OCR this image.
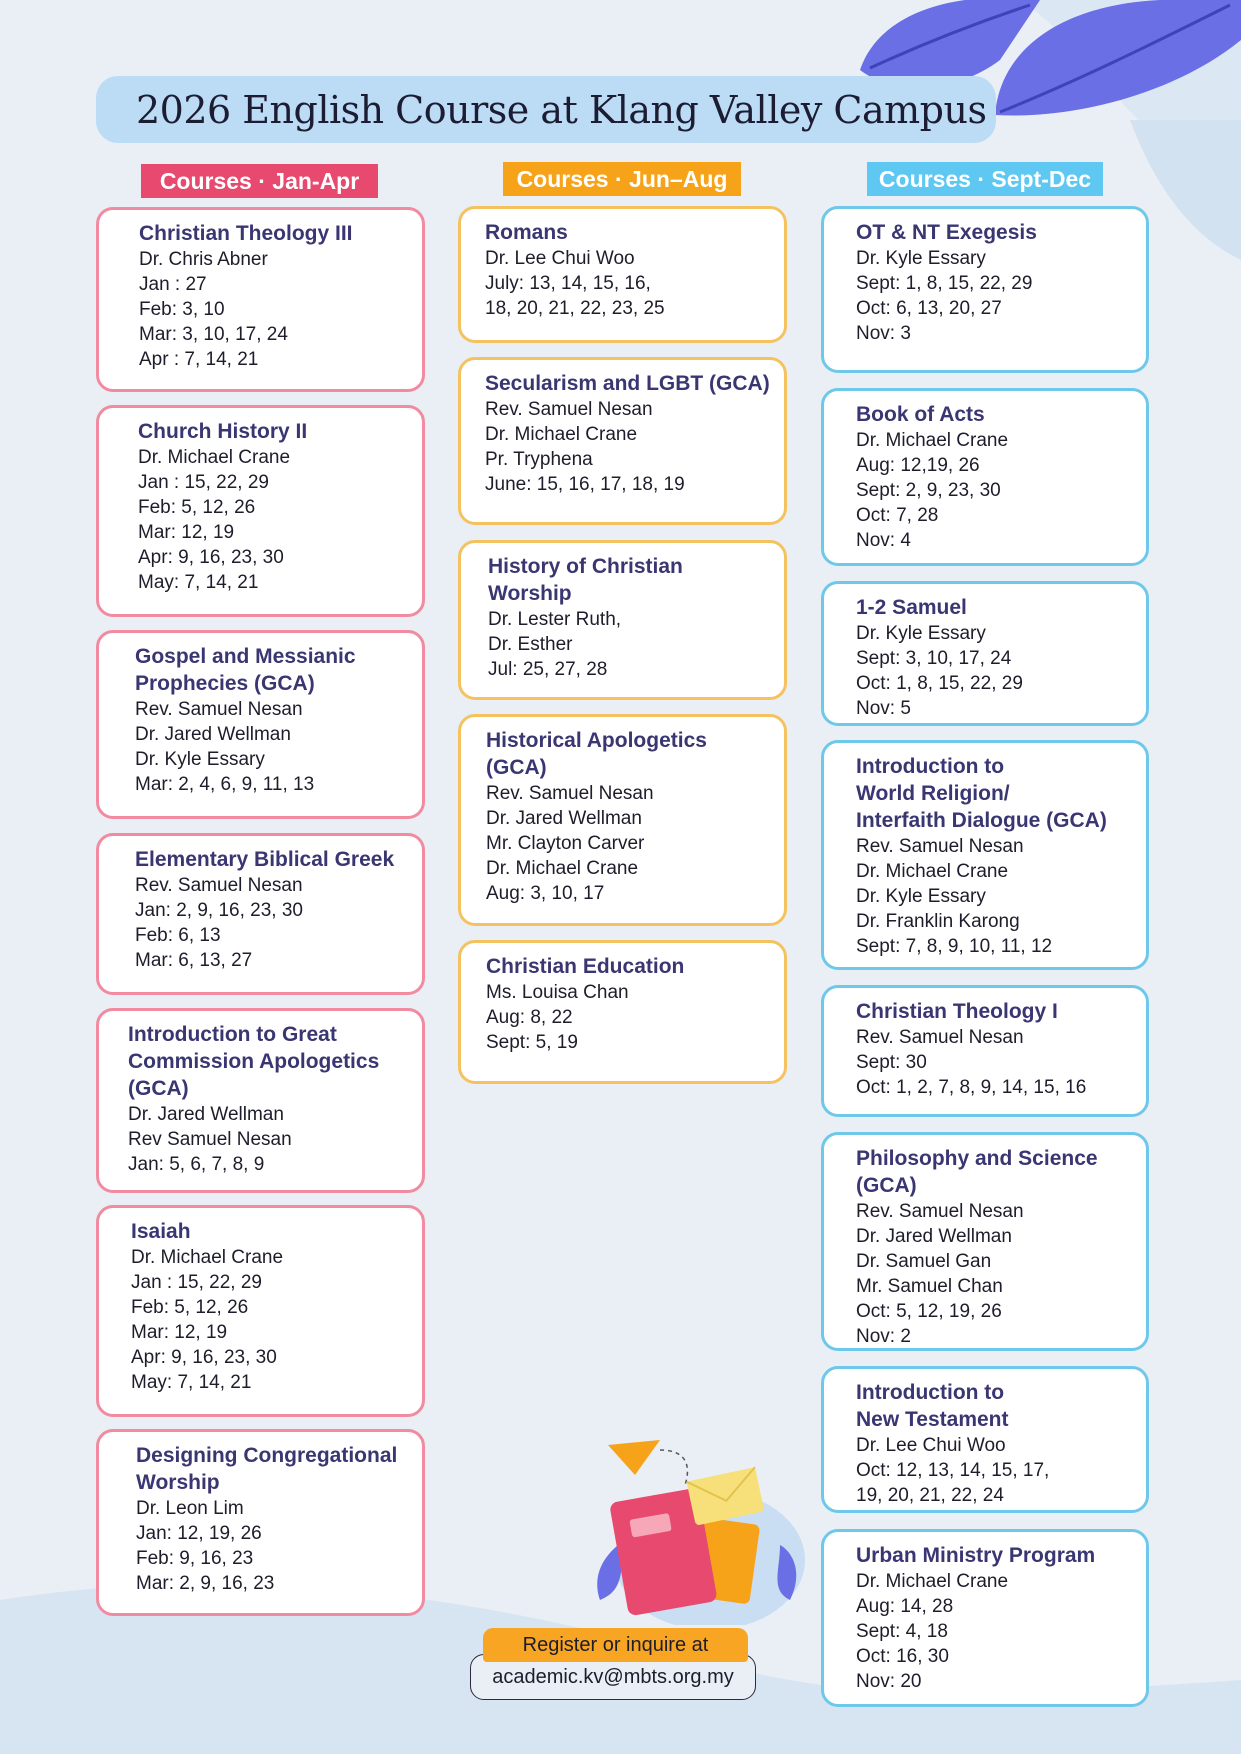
2026 English Course at Klang Valley Campus
Courses · Jan-Apr	Courses · Jun–Aug	Courses · Sept-Dec
Christian Theology III
Dr. Chris Abner
Jan : 27
Feb: 3, 10
Mar: 3, 10, 17, 24
Apr : 7, 14, 21
Church History II
Dr. Michael Crane
Jan : 15, 22, 29
Feb: 5, 12, 26
Mar: 12, 19
Apr: 9, 16, 23, 30
May: 7, 14, 21
Gospel and Messianic
Prophecies (GCA)
Rev. Samuel Nesan
Dr. Jared Wellman
Dr. Kyle Essary
Mar: 2, 4, 6, 9, 11, 13
Elementary Biblical Greek
Rev. Samuel Nesan
Jan: 2, 9, 16, 23, 30
Feb: 6, 13
Mar: 6, 13, 27
Introduction to Great
Commission Apologetics
(GCA)
Dr. Jared Wellman
Rev Samuel Nesan
Jan: 5, 6, 7, 8, 9
Isaiah
Dr. Michael Crane
Jan : 15, 22, 29
Feb: 5, 12, 26
Mar: 12, 19
Apr: 9, 16, 23, 30
May: 7, 14, 21
Designing Congregational
Worship
Dr. Leon Lim
Jan: 12, 19, 26
Feb: 9, 16, 23
Mar: 2, 9, 16, 23
Romans
Dr. Lee Chui Woo
July: 13, 14, 15, 16,
18, 20, 21, 22, 23, 25
Secularism and LGBT (GCA)
Rev. Samuel Nesan
Dr. Michael Crane
Pr. Tryphena
June: 15, 16, 17, 18, 19
History of Christian
Worship
Dr. Lester Ruth,
Dr. Esther
Jul: 25, 27, 28
Historical Apologetics
(GCA)
Rev. Samuel Nesan
Dr. Jared Wellman
Mr. Clayton Carver
Dr. Michael Crane
Aug: 3, 10, 17
Christian Education
Ms. Louisa Chan
Aug: 8, 22
Sept: 5, 19
OT & NT Exegesis
Dr. Kyle Essary
Sept: 1, 8, 15, 22, 29
Oct: 6, 13, 20, 27
Nov: 3
Book of Acts
Dr. Michael Crane
Aug: 12,19, 26
Sept: 2, 9, 23, 30
Oct: 7, 28
Nov: 4
1-2 Samuel
Dr. Kyle Essary
Sept: 3, 10, 17, 24
Oct: 1, 8, 15, 22, 29
Nov: 5
Introduction to
World Religion/
Interfaith Dialogue (GCA)
Rev. Samuel Nesan
Dr. Michael Crane
Dr. Kyle Essary
Dr. Franklin Karong
Sept: 7, 8, 9, 10, 11, 12
Christian Theology I
Rev. Samuel Nesan
Sept: 30
Oct: 1, 2, 7, 8, 9, 14, 15, 16
Philosophy and Science
(GCA)
Rev. Samuel Nesan
Dr. Jared Wellman
Dr. Samuel Gan
Mr. Samuel Chan
Oct: 5, 12, 19, 26
Nov: 2
Introduction to
New Testament
Dr. Lee Chui Woo
Oct: 12, 13, 14, 15, 17,
19, 20, 21, 22, 24
Urban Ministry Program
Dr. Michael Crane
Aug: 14, 28
Sept: 4, 18
Oct: 16, 30
Nov: 20
academic.kv@mbts.org.my
Register or inquire at
